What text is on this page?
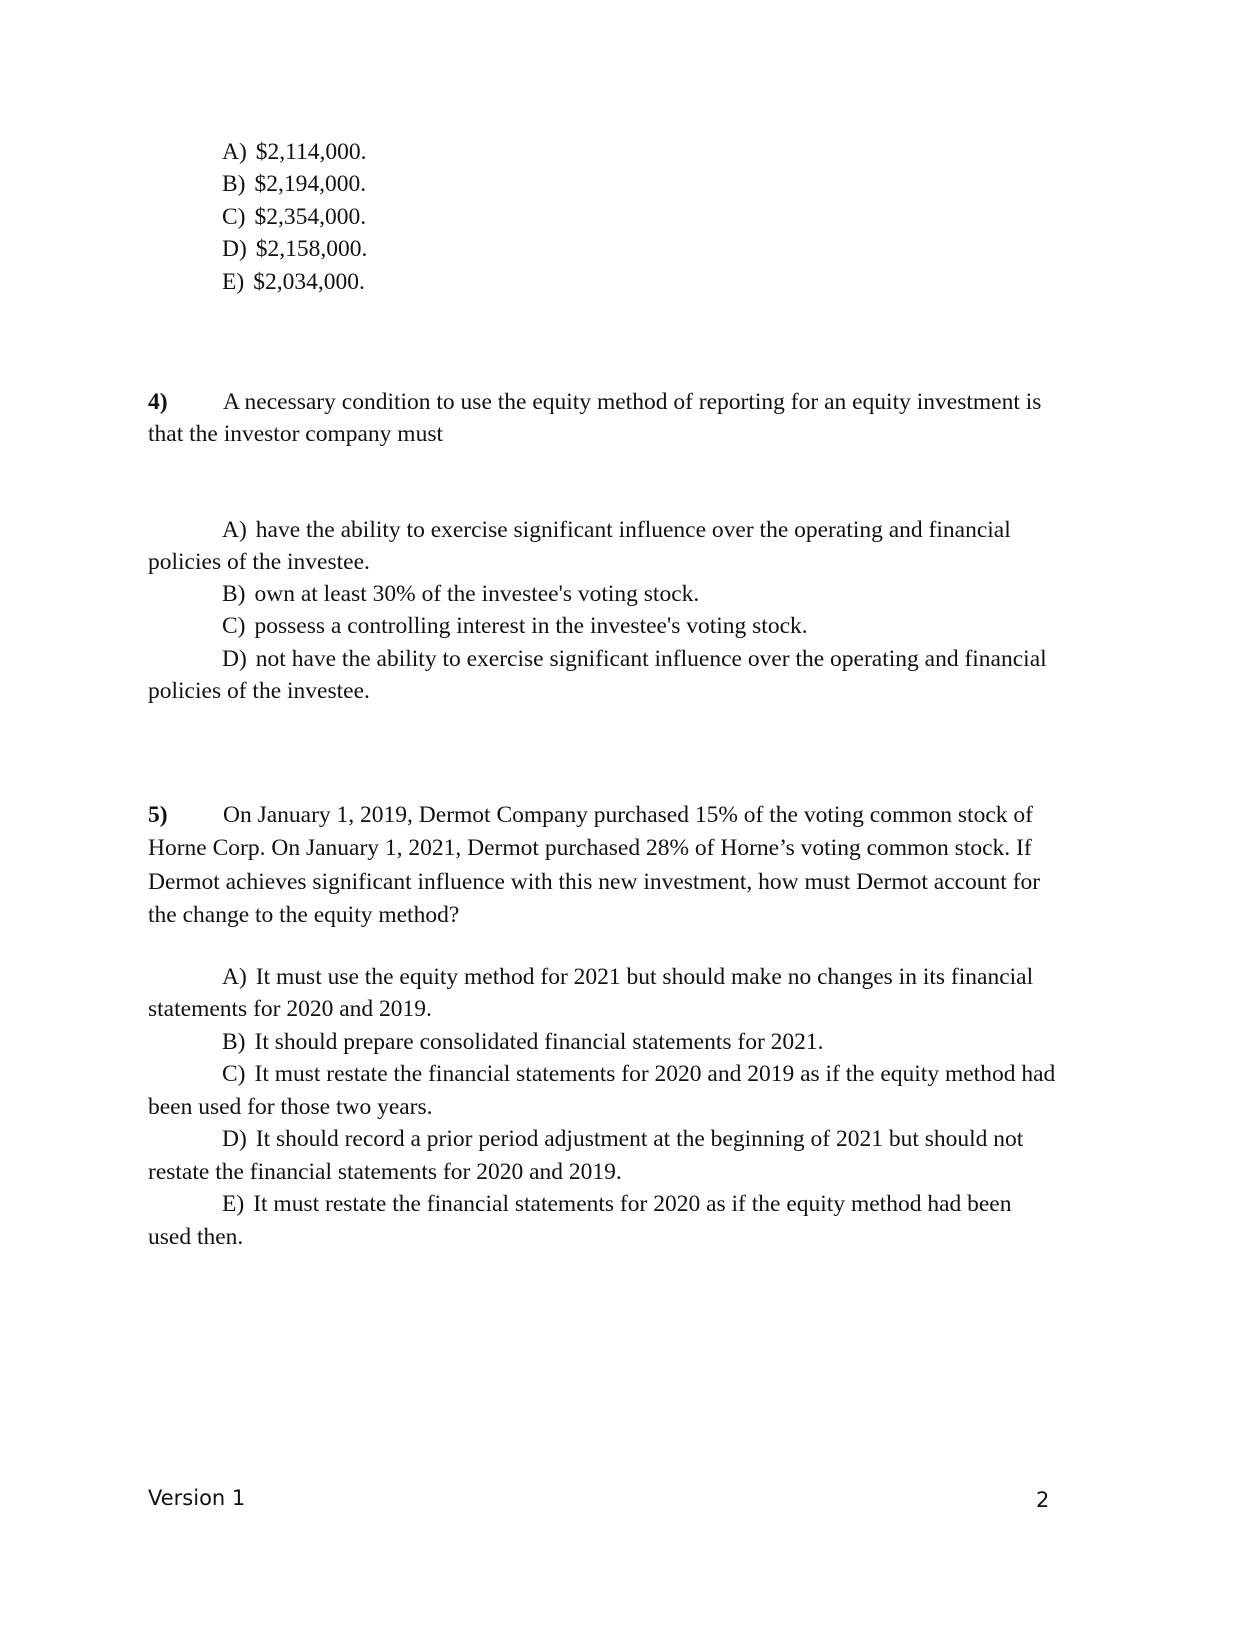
A) $2,114,000.
B) $2,194,000.
C) $2,354,000.
D) $2,158,000.
E) $2,034,000.
4) A necessary condition to use the equity method of reporting for an equity investment is
that the investor company must
A) have the ability to exercise significant influence over the operating and financial
policies of the investee.
B) own at least 30% of the investee's voting stock.
C) possess a controlling interest in the investee's voting stock.
D) not have the ability to exercise significant influence over the operating and financial
policies of the investee.
5) On January 1, 2019, Dermot Company purchased 15% of the voting common stock of
Horne Corp. On January 1, 2021, Dermot purchased 28% of Horne’s voting common stock. If
Dermot achieves significant influence with this new investment, how must Dermot account for
the change to the equity method?
A) It must use the equity method for 2021 but should make no changes in its financial
statements for 2020 and 2019.
B) It should prepare consolidated financial statements for 2021.
C) It must restate the financial statements for 2020 and 2019 as if the equity method had
been used for those two years.
D) It should record a prior period adjustment at the beginning of 2021 but should not
restate the financial statements for 2020 and 2019.
E) It must restate the financial statements for 2020 as if the equity method had been
used then.
Version 1	2
